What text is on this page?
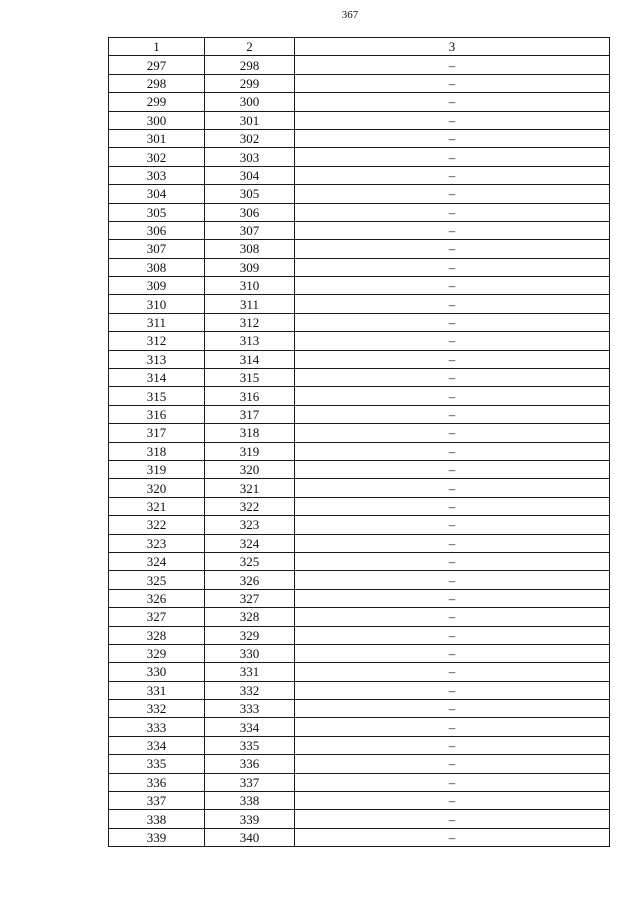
367
1	2	3
297	298	–
298	299	–
299	300	–
300	301	–
301	302	–
302	303	–
303	304	–
304	305	–
305	306	–
306	307	–
307	308	–
308	309	–
309	310	–
310	311	–
311	312	–
312	313	–
313	314	–
314	315	–
315	316	–
316	317	–
317	318	–
318	319	–
319	320	–
320	321	–
321	322	–
322	323	–
323	324	–
324	325	–
325	326	–
326	327	–
327	328	–
328	329	–
329	330	–
330	331	–
331	332	–
332	333	–
333	334	–
334	335	–
335	336	–
336	337	–
337	338	–
338	339	–
339	340	–
